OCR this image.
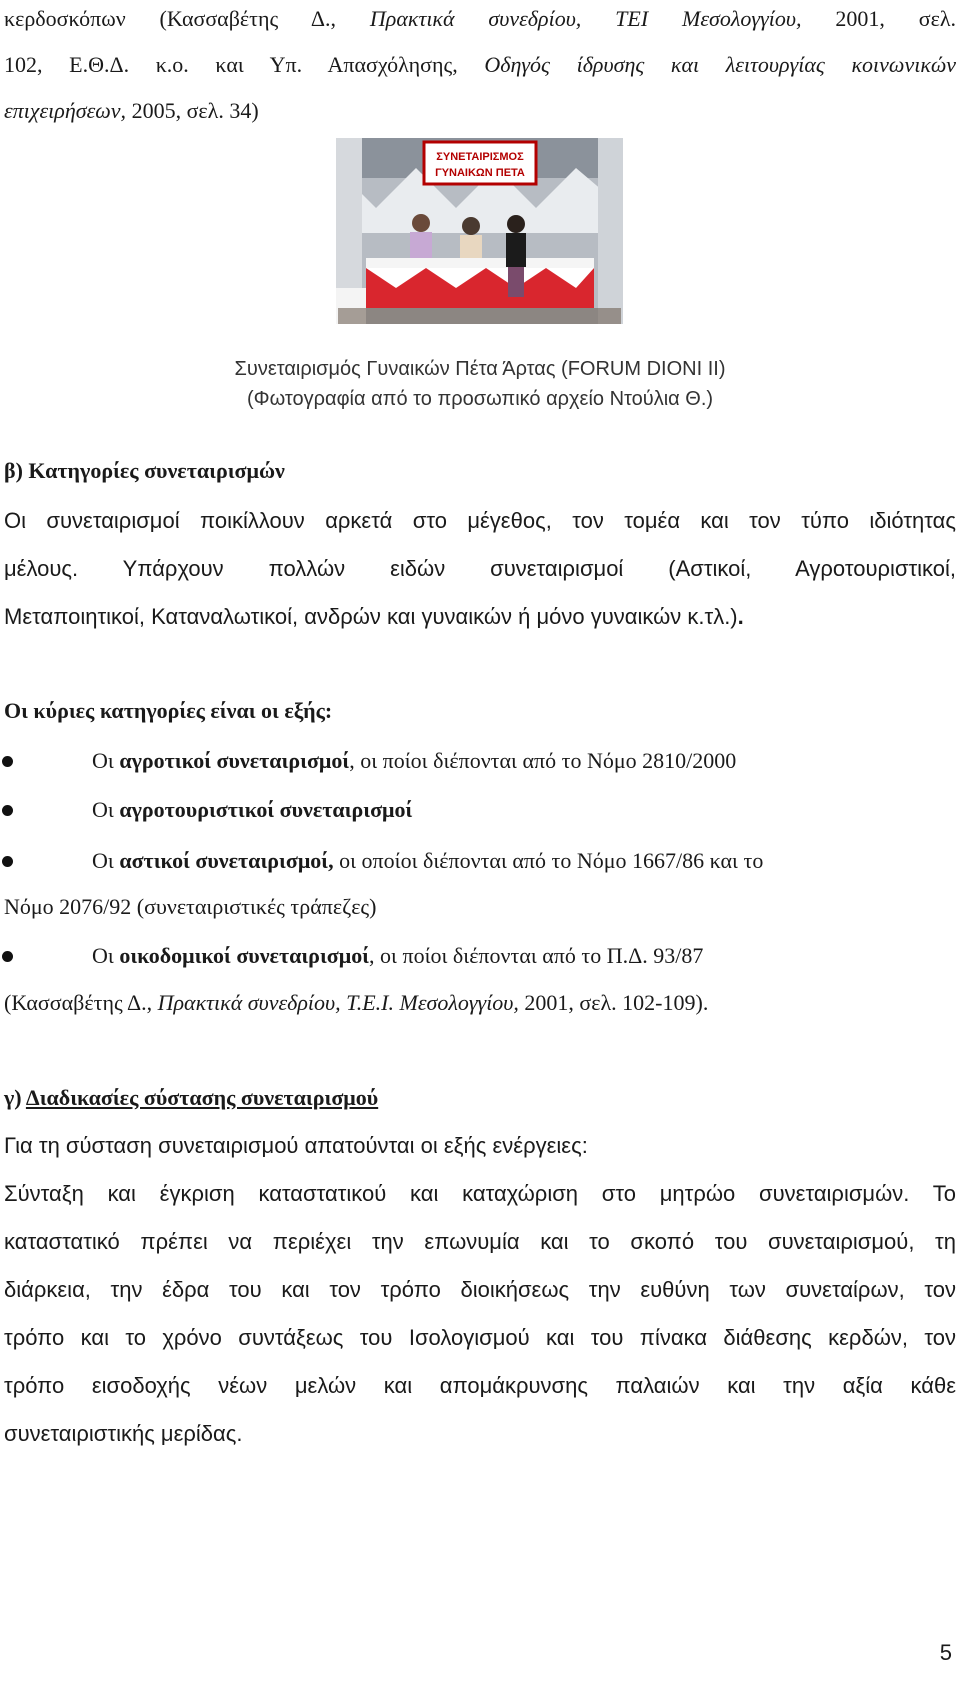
κερδοσκόπων (Κασσαβέτης Δ., Πρακτικά συνεδρίου, ΤΕΙ Μεσολογγίου, 2001, σελ.
102, Ε.Θ.Δ. κ.ο. και Υπ. Απασχόλησης, Οδηγός ίδρυσης και λειτουργίας κοινωνικών
επιχειρήσεων, 2005, σελ. 34)
ΣΥΝΕΤΑΙΡΙΣΜΟΣ
ΓΥΝΑΙΚΩΝ ΠΕΤΑ
Συνεταιρισμός Γυναικών Πέτα Άρτας (FORUM DIONI II)
(Φωτογραφία από το προσωπικό αρχείο Ντούλια Θ.)
β) Κατηγορίες συνεταιρισμών
Οι συνεταιρισμοί ποικίλλουν αρκετά στο μέγεθος, τον τομέα και τον τύπο ιδιότητας
μέλους. Υπάρχουν πολλών ειδών συνεταιρισμοί (Αστικοί, Αγροτουριστικοί,
Μεταποιητικοί, Καταναλωτικοί, ανδρών και γυναικών ή μόνο γυναικών κ.τλ.).
Οι κύριες κατηγορίες είναι οι εξής:
Οι αγροτικοί συνεταιρισμοί, οι ποίοι διέπονται από το Νόμο 2810/2000
Οι αγροτουριστικοί συνεταιρισμοί
Οι αστικοί συνεταιρισμοί, οι οποίοι διέπονται από το Νόμο 1667/86 και το
Νόμο 2076/92 (συνεταιριστικές τράπεζες)
Οι οικοδομικοί συνεταιρισμοί, οι ποίοι διέπονται από το Π.Δ. 93/87
(Κασσαβέτης Δ., Πρακτικά συνεδρίου, Τ.Ε.Ι. Μεσολογγίου, 2001, σελ. 102-109).
γ) Διαδικασίες σύστασης συνεταιρισμού
Για τη σύσταση συνεταιρισμού απατούνται οι εξής ενέργειες:
Σύνταξη και έγκριση καταστατικού και καταχώριση στο μητρώο συνεταιρισμών. Το
καταστατικό πρέπει να περιέχει την επωνυμία και το σκοπό του συνεταιρισμού, τη
διάρκεια, την έδρα του και τον τρόπο διοικήσεως την ευθύνη των συνεταίρων, τον
τρόπο και το χρόνο συντάξεως του Ισολογισμού και του πίνακα διάθεσης κερδών, τον
τρόπο εισοδοχής νέων μελών και απομάκρυνσης παλαιών και την αξία κάθε
συνεταιριστικής μερίδας.
5
